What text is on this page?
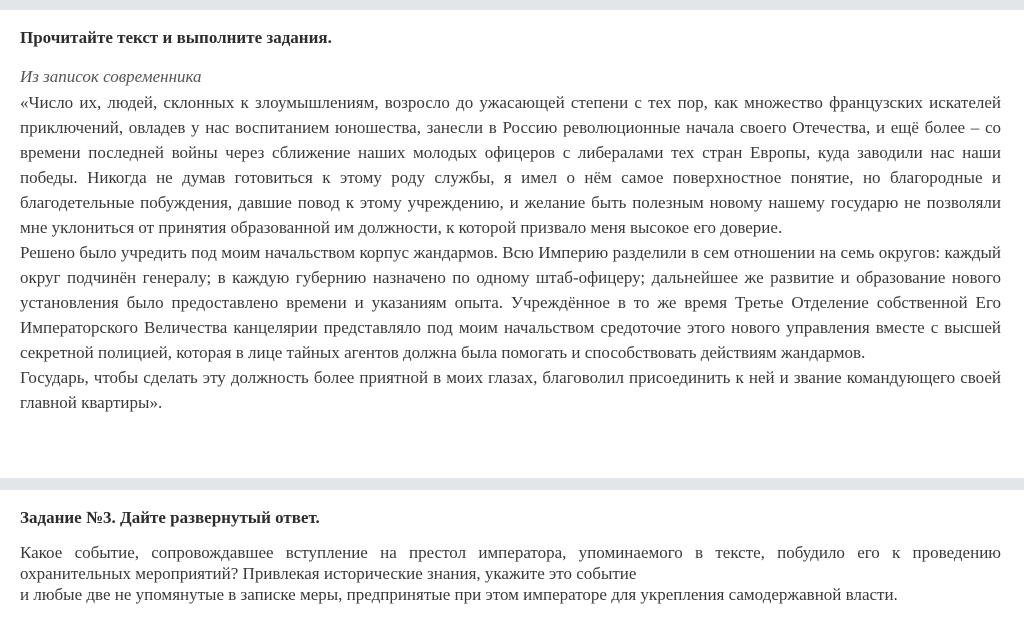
Прочитайте текст и выполните задания.
Из записок современника

«Число их, людей, склонных к злоумышлениям, возросло до ужасающей степени с тех пор, как множество французских искателей приключений, овладев у нас воспитанием юношества, занесли в Россию революционные начала своего Отечества, и ещё более – со времени последней войны через сближение наших молодых офицеров с либералами тех стран Европы, куда заводили нас наши победы. Никогда не думав готовиться к этому роду службы, я имел о нём самое поверхностное понятие, но благородные и благодетельные побуждения, давшие повод к этому учреждению, и желание быть полезным новому нашему государю не позволяли мне уклониться от принятия образованной им должности, к которой призвало меня высокое его доверие.

Решено было учредить под моим начальством корпус жандармов. Всю Империю разделили в сем отношении на семь округов: каждый округ подчинён генералу; в каждую губернию назначено по одному штаб-офицеру; дальнейшее же развитие и образование нового установления было предоставлено времени и указаниям опыта. Учреждённое в то же время Третье Отделение собственной Его Императорского Величества канцелярии представляло под моим начальством средоточие этого нового управления вместе с высшей секретной полицией, которая в лице тайных агентов должна была помогать и способствовать действиям жандармов.

Государь, чтобы сделать эту должность более приятной в моих глазах, благоволил присоединить к ней и звание командующего своей главной квартиры».

Задание №3. Дайте развернутый ответ.

Какое событие, сопровождавшее вступление на престол императора, упоминаемого в тексте, побудило его к проведению охранительных мероприятий? Привлекая исторические знания, укажите это событие

и любые две не упомянутые в записке меры, предпринятые при этом императоре для укрепления самодержавной власти.
